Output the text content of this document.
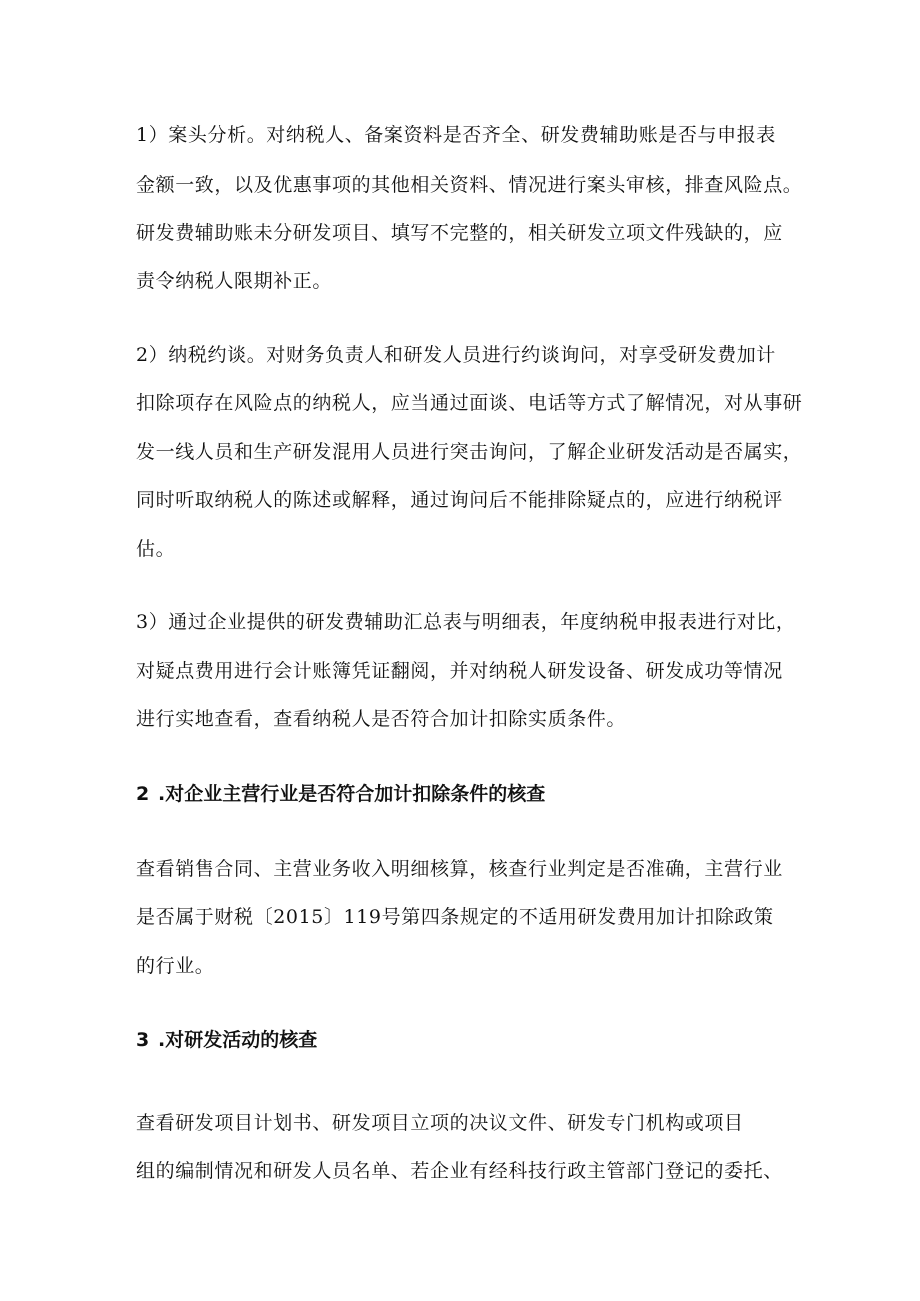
1）案头分析。对纳税人、备案资料是否齐全、研发费辅助账是否与申报表
金额一致，以及优惠事项的其他相关资料、情况进行案头审核，排查风险点。
研发费辅助账未分研发项目、填写不完整的，相关研发立项文件残缺的，应
责令纳税人限期补正。
2）纳税约谈。对财务负责人和研发人员进行约谈询问，对享受研发费加计
扣除项存在风险点的纳税人，应当通过面谈、电话等方式了解情况，对从事研
发一线人员和生产研发混用人员进行突击询问，了解企业研发活动是否属实，
同时听取纳税人的陈述或解释，通过询问后不能排除疑点的，应进行纳税评
估。
3）通过企业提供的研发费辅助汇总表与明细表，年度纳税申报表进行对比，
对疑点费用进行会计账簿凭证翻阅，并对纳税人研发设备、研发成功等情况
进行实地查看，查看纳税人是否符合加计扣除实质条件。
2 .对企业主营行业是否符合加计扣除条件的核查
查看销售合同、主营业务收入明细核算，核查行业判定是否准确，主营行业
是否属于财税〔2015〕119号第四条规定的不适用研发费用加计扣除政策
的行业。
3 .对研发活动的核查
查看研发项目计划书、研发项目立项的决议文件、研发专门机构或项目
组的编制情况和研发人员名单、若企业有经科技行政主管部门登记的委托、
